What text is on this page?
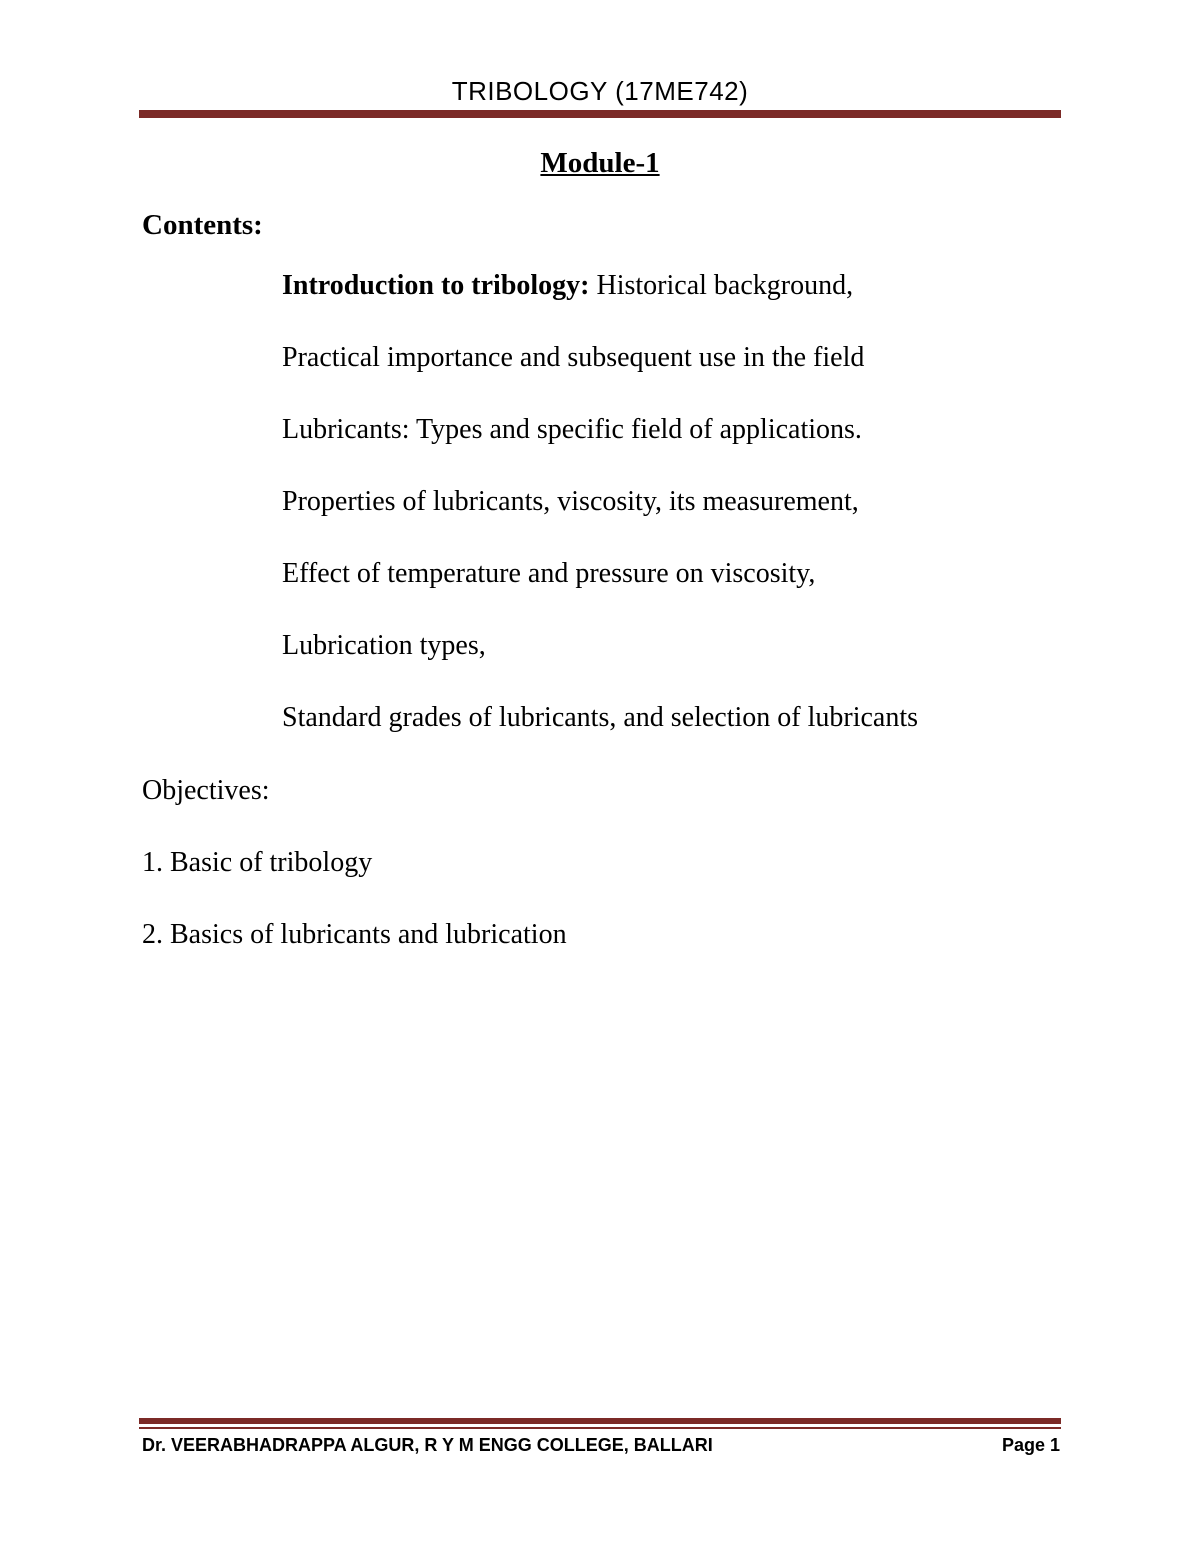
TRIBOLOGY (17ME742)
Module-1
Contents:
Introduction to tribology: Historical background,
Practical importance and subsequent use in the field
Lubricants: Types and specific field of applications.
Properties of lubricants, viscosity, its measurement,
Effect of temperature and pressure on viscosity,
Lubrication types,
Standard grades of lubricants, and selection of lubricants
Objectives:
1. Basic of tribology
2. Basics of lubricants and lubrication
Dr. VEERABHADRAPPA ALGUR, R Y M ENGG COLLEGE, BALLARI	Page 1
